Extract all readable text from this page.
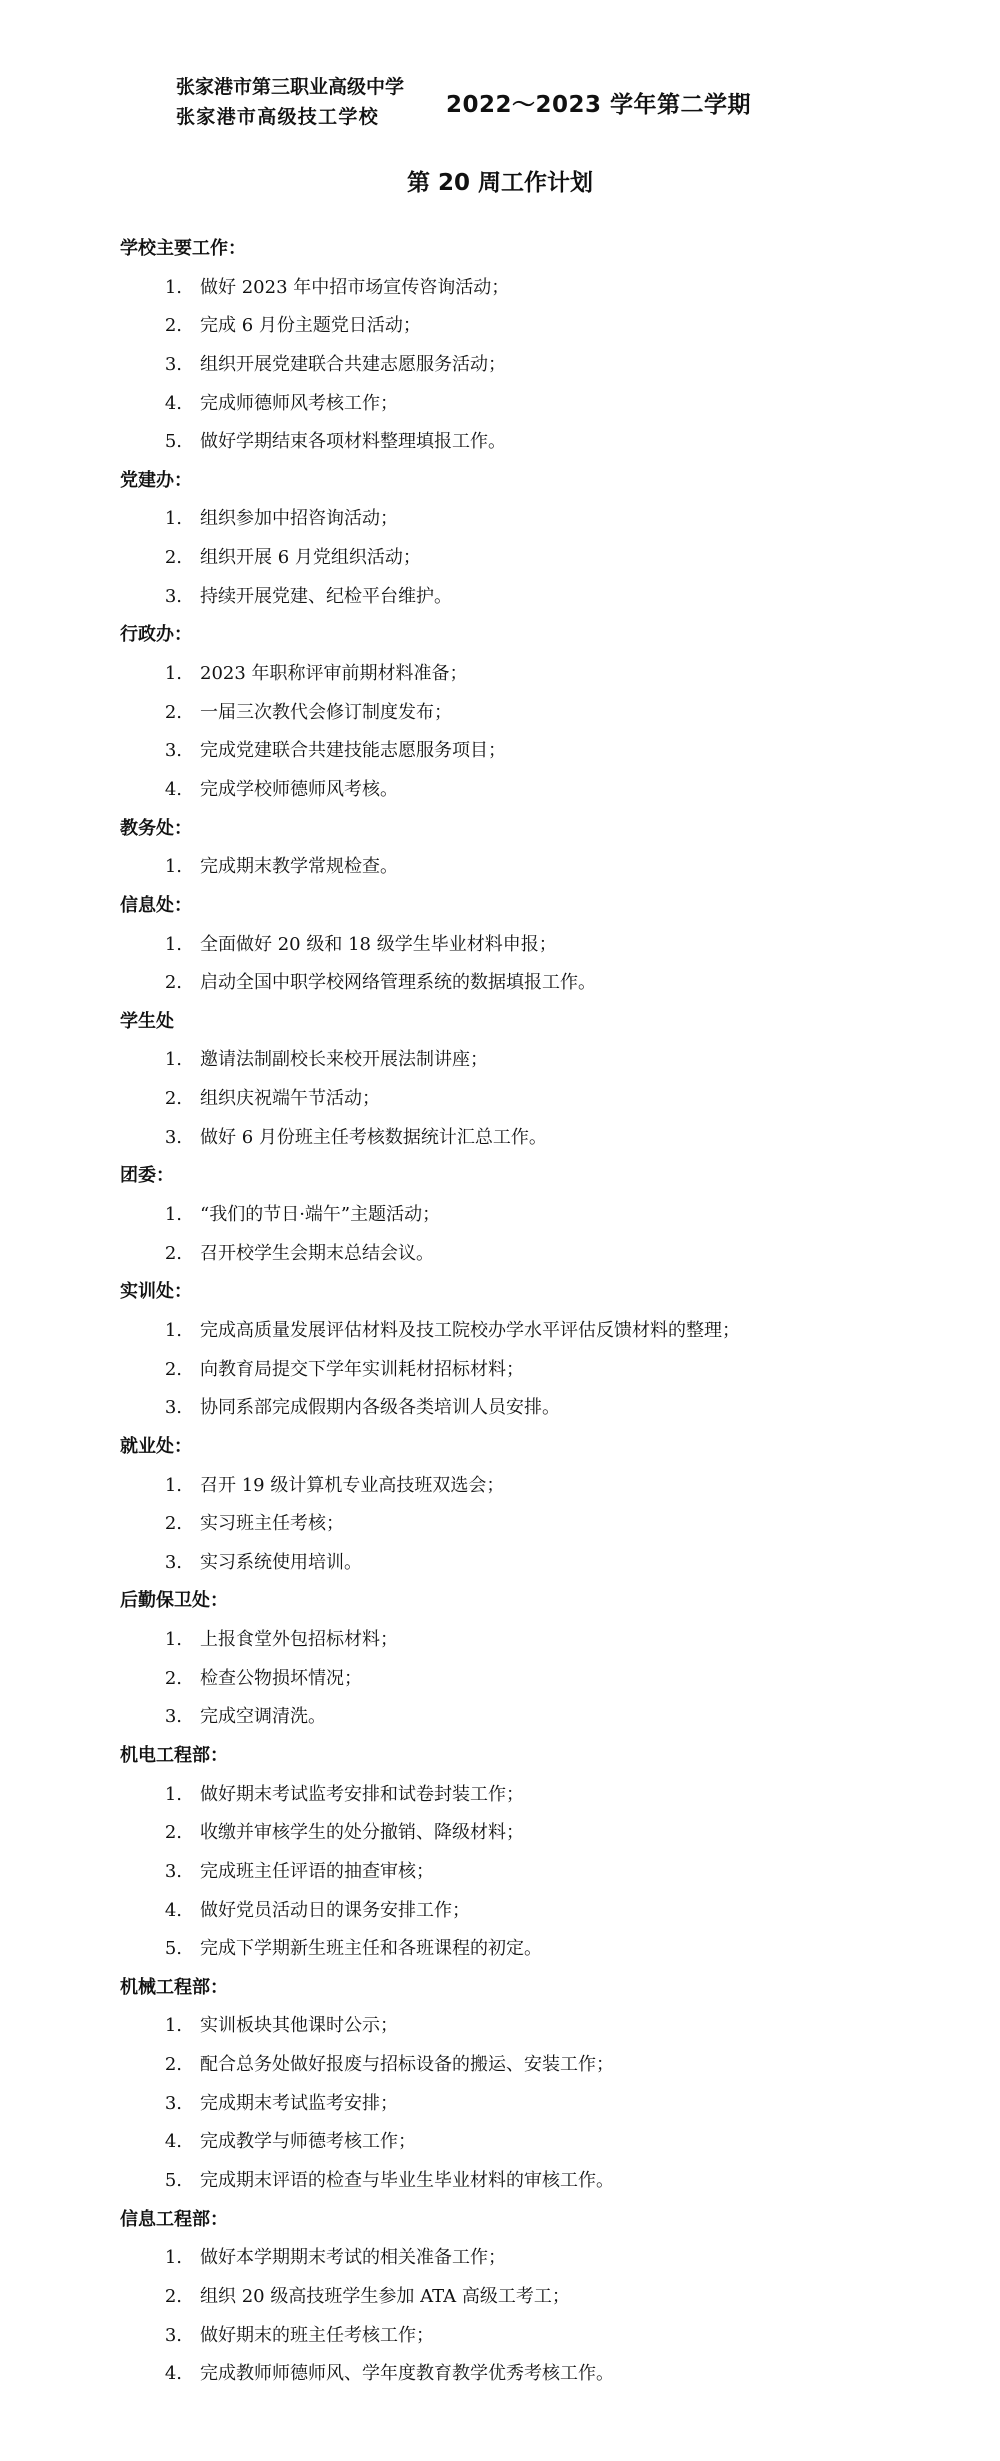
张家港市第三职业高级中学
张家港市高级技工学校	2022～2023 学年第二学期
第 20 周工作计划
学校主要工作：
1.	做好 2023 年中招市场宣传咨询活动；
2.	完成 6 月份主题党日活动；
3.	组织开展党建联合共建志愿服务活动；
4.	完成师德师风考核工作；
5.	做好学期结束各项材料整理填报工作。
党建办：
1.	组织参加中招咨询活动；
2.	组织开展 6 月党组织活动；
3.	持续开展党建、纪检平台维护。
行政办：
1.	2023 年职称评审前期材料准备；
2.	一届三次教代会修订制度发布；
3.	完成党建联合共建技能志愿服务项目；
4.	完成学校师德师风考核。
教务处：
1.	完成期末教学常规检查。
信息处：
1.	全面做好 20 级和 18 级学生毕业材料申报；
2.	启动全国中职学校网络管理系统的数据填报工作。
学生处
1.	邀请法制副校长来校开展法制讲座；
2.	组织庆祝端午节活动；
3.	做好 6 月份班主任考核数据统计汇总工作。
团委：
1.	“我们的节日·端午”主题活动；
2.	召开校学生会期末总结会议。
实训处：
1.	完成高质量发展评估材料及技工院校办学水平评估反馈材料的整理；
2.	向教育局提交下学年实训耗材招标材料；
3.	协同系部完成假期内各级各类培训人员安排。
就业处：
1.	召开 19 级计算机专业高技班双选会；
2.	实习班主任考核；
3.	实习系统使用培训。
后勤保卫处：
1.	上报食堂外包招标材料；
2.	检查公物损坏情况；
3.	完成空调清洗。
机电工程部：
1.	做好期末考试监考安排和试卷封装工作；
2.	收缴并审核学生的处分撤销、降级材料；
3.	完成班主任评语的抽查审核；
4.	做好党员活动日的课务安排工作；
5.	完成下学期新生班主任和各班课程的初定。
机械工程部：
1.	实训板块其他课时公示；
2.	配合总务处做好报废与招标设备的搬运、安装工作；
3.	完成期末考试监考安排；
4.	完成教学与师德考核工作；
5.	完成期末评语的检查与毕业生毕业材料的审核工作。
信息工程部：
1.	做好本学期期末考试的相关准备工作；
2.	组织 20 级高技班学生参加 ATA 高级工考工；
3.	做好期末的班主任考核工作；
4.	完成教师师德师风、学年度教育教学优秀考核工作。
